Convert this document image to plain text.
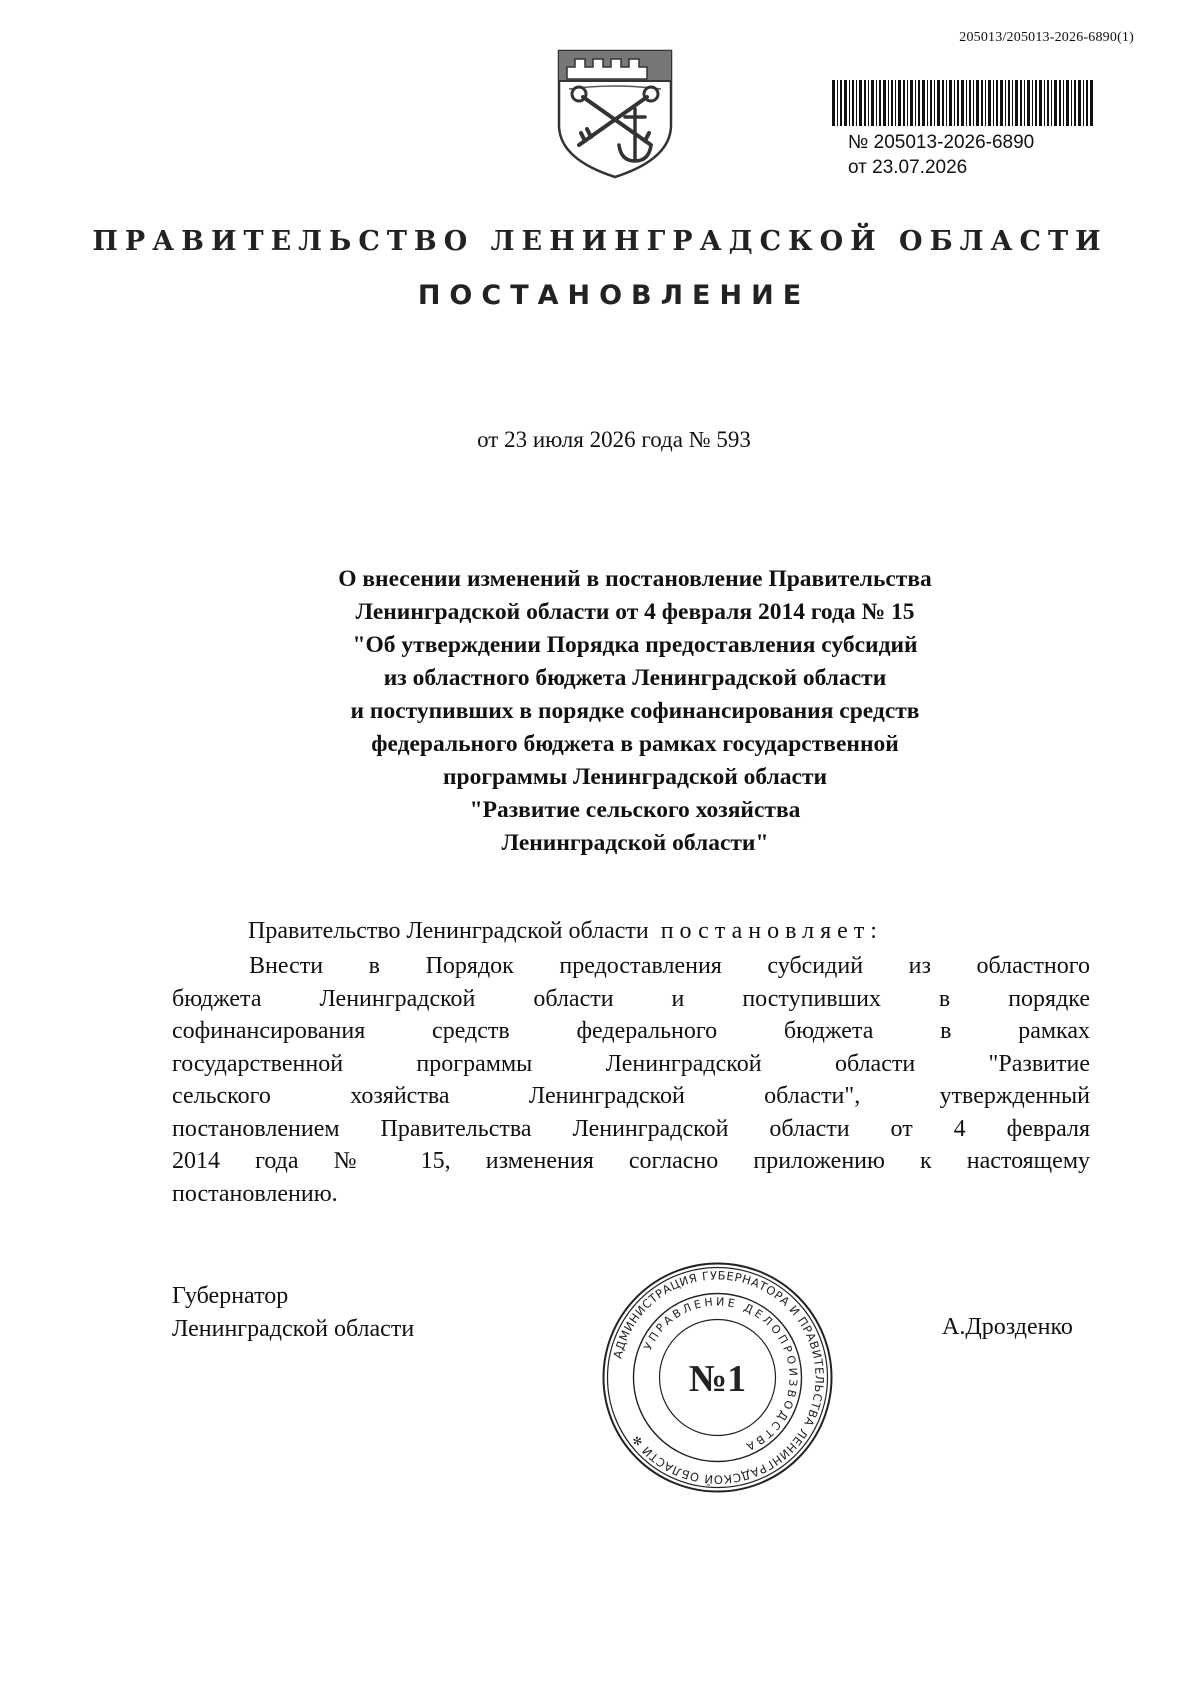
205013/205013-2026-6890(1)
№ 205013-2026-6890
от 23.07.2026
ПРАВИТЕЛЬСТВО ЛЕНИНГРАДСКОЙ ОБЛАСТИ
ПОСТАНОВЛЕНИЕ
от 23 июля 2026 года № 593
О внесении изменений в постановление Правительства
Ленинградской области от 4 февраля 2014 года № 15
"Об утверждении Порядка предоставления субсидий
из областного бюджета Ленинградской области
и поступивших в порядке софинансирования средств
федерального бюджета в рамках государственной
программы Ленинградской области
"Развитие сельского хозяйства
Ленинградской области"
Правительство Ленинградской области постановляет:
Внести в Порядок предоставления субсидий из областного
бюджета Ленинградской области и поступивших в порядке
софинансирования средств федерального бюджета в рамках
государственной программы Ленинградской области "Развитие
сельского хозяйства Ленинградской области", утвержденный
постановлением Правительства Ленинградской области от 4 февраля
2014 года № 15, изменения согласно приложению к настоящему
постановлению.
Губернатор
Ленинградской области	А.Дрозденко
АДМИНИСТРАЦИЯ ГУБЕРНАТОРА И ПРАВИТЕЛЬСТВА ЛЕНИНГРАДСКОЙ ОБЛАСТИ ✻
УПРАВЛЕНИЕ ДЕЛОПРОИЗВОДСТВА
№1
